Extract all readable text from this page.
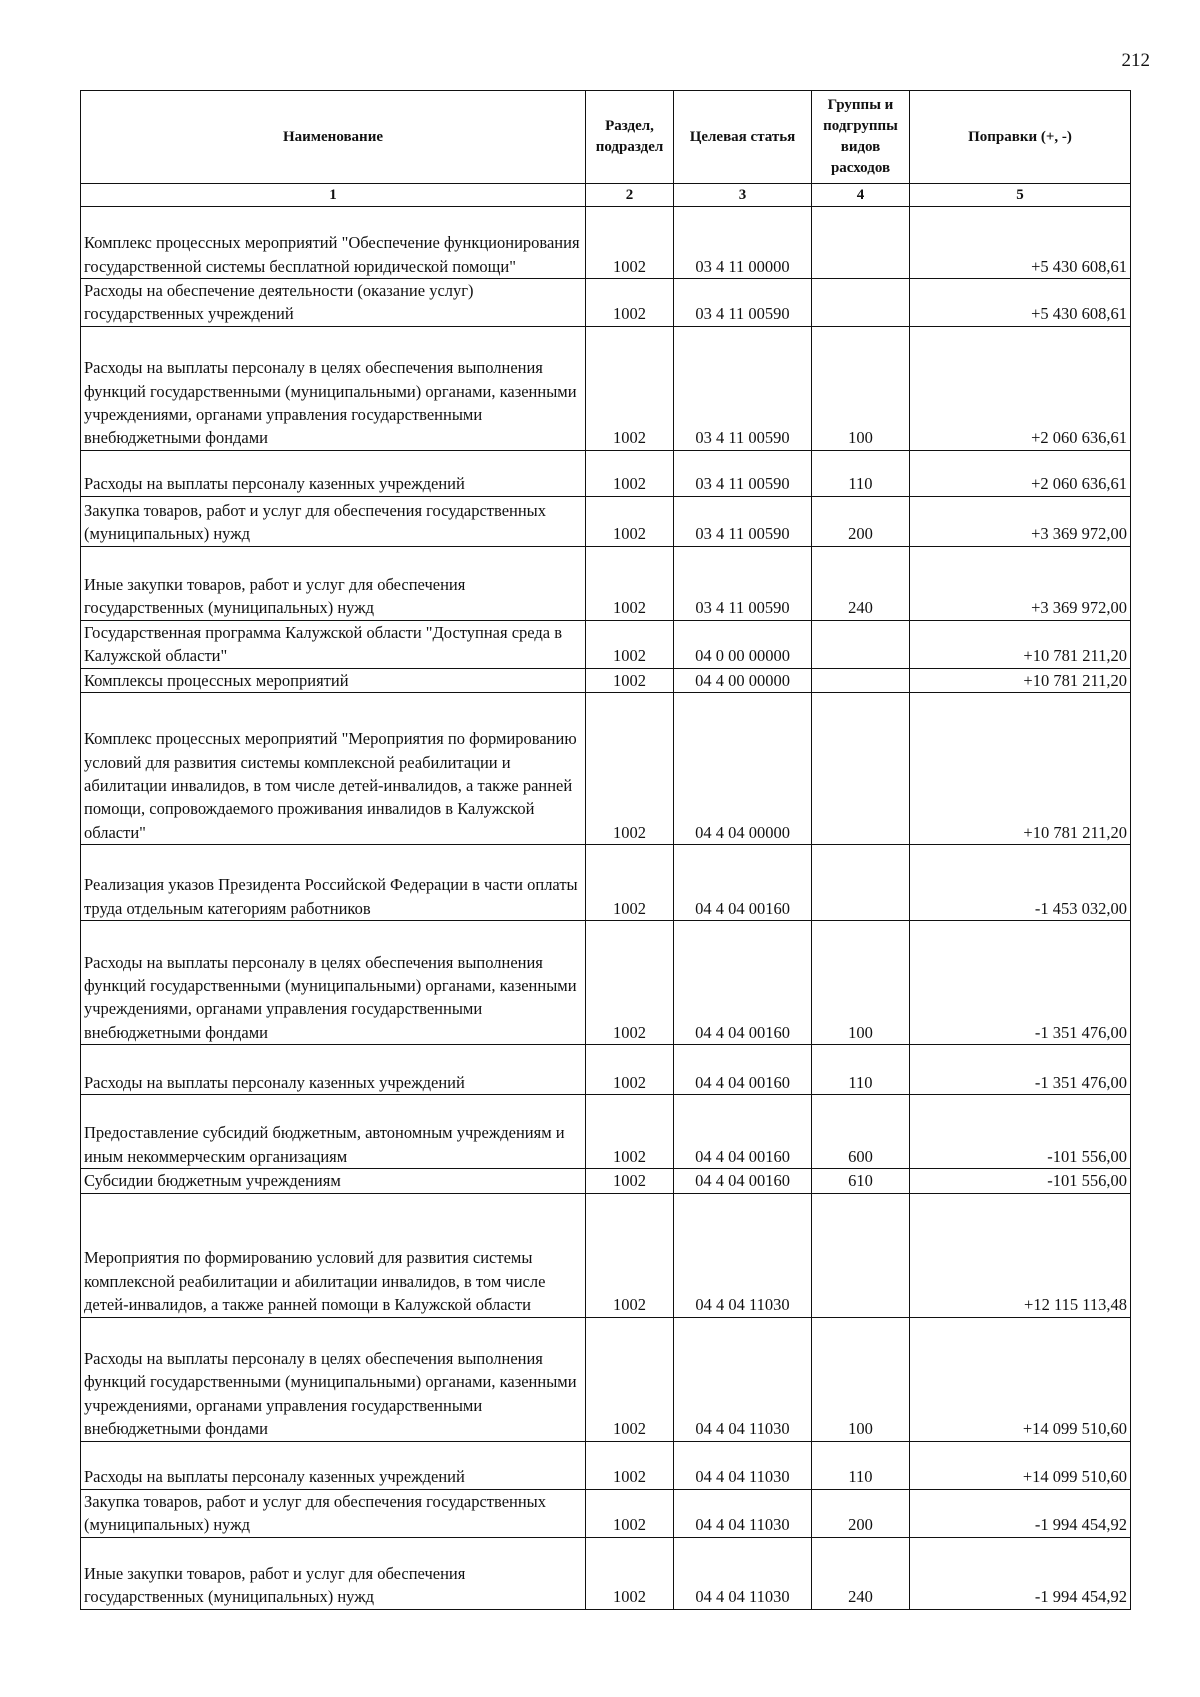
212
Наименование	Раздел, подраздел	Целевая статья	Группы и подгруппы видов расходов	Поправки (+, -)
1	2	3	4	5
Комплекс процессных мероприятий "Обеспечение функционирования государственной системы бесплатной юридической помощи"	1002	03 4 11 00000		+5 430 608,61
Расходы на обеспечение деятельности (оказание услуг) государственных учреждений	1002	03 4 11 00590		+5 430 608,61
Расходы на выплаты персоналу в целях обеспечения выполнения функций государственными (муниципальными) органами, казенными учреждениями, органами управления государственными внебюджетными фондами	1002	03 4 11 00590	100	+2 060 636,61
Расходы на выплаты персоналу казенных учреждений	1002	03 4 11 00590	110	+2 060 636,61
Закупка товаров, работ и услуг для обеспечения государственных (муниципальных) нужд	1002	03 4 11 00590	200	+3 369 972,00
Иные закупки товаров, работ и услуг для обеспечения государственных (муниципальных) нужд	1002	03 4 11 00590	240	+3 369 972,00
Государственная программа Калужской области "Доступная среда в Калужской области"	1002	04 0 00 00000		+10 781 211,20
Комплексы процессных мероприятий	1002	04 4 00 00000		+10 781 211,20
Комплекс процессных мероприятий "Мероприятия по формированию условий для развития системы комплексной реабилитации и абилитации инвалидов, в том числе детей-инвалидов, а также ранней помощи, сопровождаемого проживания инвалидов в Калужской области"	1002	04 4 04 00000		+10 781 211,20
Реализация указов Президента Российской Федерации в части оплаты труда отдельным категориям работников	1002	04 4 04 00160		-1 453 032,00
Расходы на выплаты персоналу в целях обеспечения выполнения функций государственными (муниципальными) органами, казенными учреждениями, органами управления государственными внебюджетными фондами	1002	04 4 04 00160	100	-1 351 476,00
Расходы на выплаты персоналу казенных учреждений	1002	04 4 04 00160	110	-1 351 476,00
Предоставление субсидий бюджетным, автономным учреждениям и иным некоммерческим организациям	1002	04 4 04 00160	600	-101 556,00
Субсидии бюджетным учреждениям	1002	04 4 04 00160	610	-101 556,00
Мероприятия по формированию условий для развития системы комплексной реабилитации и абилитации инвалидов, в том числе детей-инвалидов, а также ранней помощи в Калужской области	1002	04 4 04 11030		+12 115 113,48
Расходы на выплаты персоналу в целях обеспечения выполнения функций государственными (муниципальными) органами, казенными учреждениями, органами управления государственными внебюджетными фондами	1002	04 4 04 11030	100	+14 099 510,60
Расходы на выплаты персоналу казенных учреждений	1002	04 4 04 11030	110	+14 099 510,60
Закупка товаров, работ и услуг для обеспечения государственных (муниципальных) нужд	1002	04 4 04 11030	200	-1 994 454,92
Иные закупки товаров, работ и услуг для обеспечения государственных (муниципальных) нужд	1002	04 4 04 11030	240	-1 994 454,92
